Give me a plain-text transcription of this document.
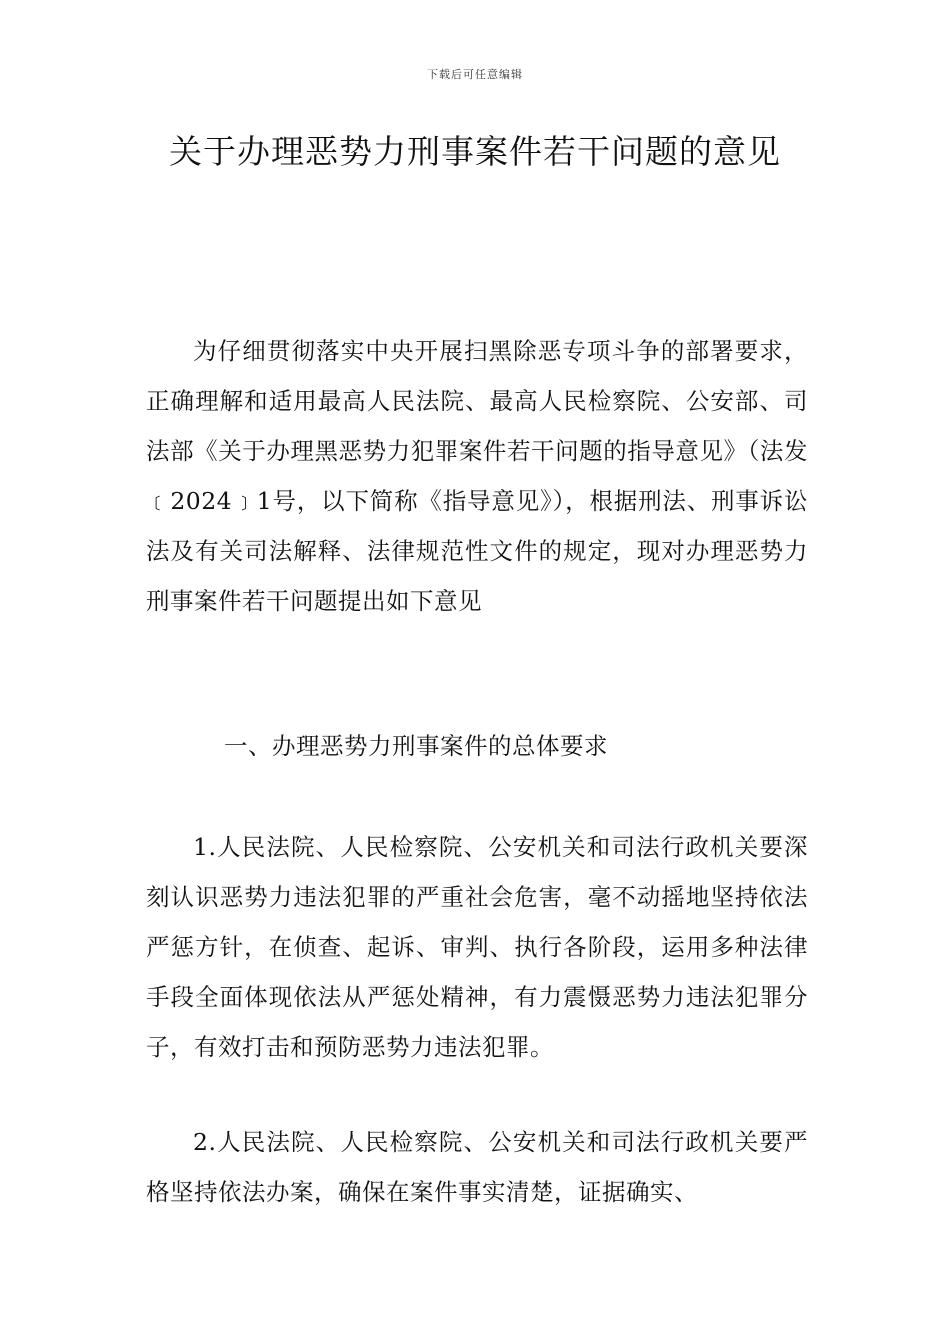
下载后可任意编辑
关于办理恶势力刑事案件若干问题的意见

为仔细贯彻落实中央开展扫黑除恶专项斗争的部署要求，正确理解和适用最高人民法院、最高人民检察院、公安部、司法部《关于办理黑恶势力犯罪案件若干问题的指导意见》（法发﹝2024﹞1号，以下简称《指导意见》），根据刑法、刑事诉讼法及有关司法解释、法律规范性文件的规定，现对办理恶势力刑事案件若干问题提出如下意见

一、办理恶势力刑事案件的总体要求

1.人民法院、人民检察院、公安机关和司法行政机关要深刻认识恶势力违法犯罪的严重社会危害，毫不动摇地坚持依法严惩方针，在侦查、起诉、审判、执行各阶段，运用多种法律手段全面体现依法从严惩处精神，有力震慑恶势力违法犯罪分子，有效打击和预防恶势力违法犯罪。

2.人民法院、人民检察院、公安机关和司法行政机关要严格坚持依法办案，确保在案件事实清楚，证据确实、
